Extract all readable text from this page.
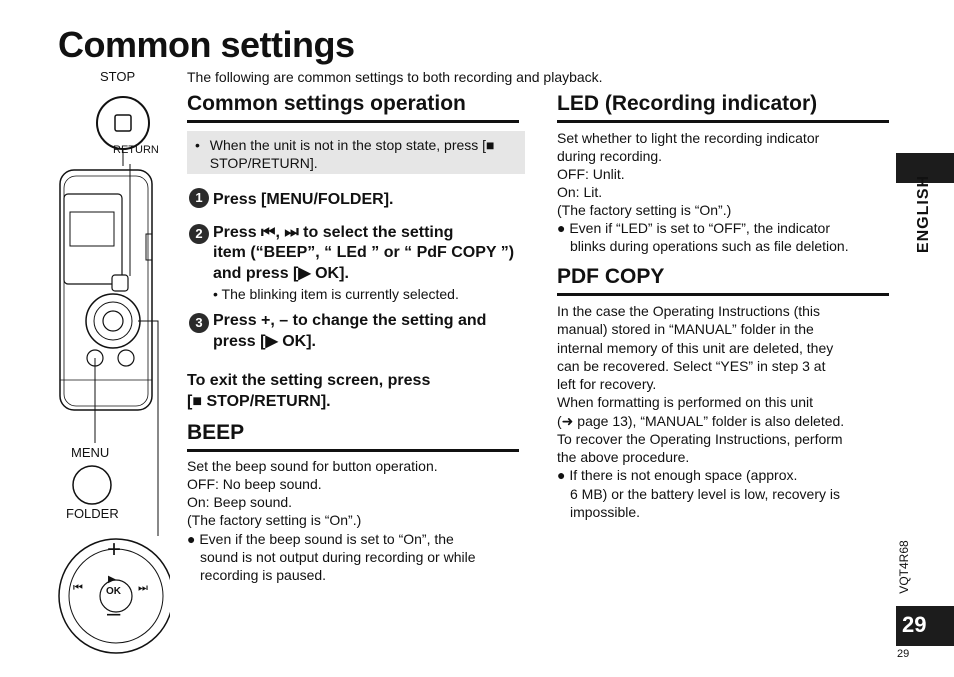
Common settings
STOP
RETURN
MENU
FOLDER
▶
OK
+
–
⏮	⏭
The following are common settings to both recording and playback.
Common settings operation
• When the unit is not in the stop state, press [■ STOP/RETURN].
1 Press [MENU/FOLDER].
2 Press ⏮, ⏭ to select the setting
item (“BEEP”, “ LEd ” or “ PdF COPY ”)
and press [▶ OK].
• The blinking item is currently selected.
3 Press +, – to change the setting and
press [▶ OK].
To exit the setting screen, press
[■ STOP/RETURN].
BEEP
Set the beep sound for button operation.
OFF: No beep sound.
On: Beep sound.
(The factory setting is “On”.)
● Even if the beep sound is set to “On”, the
sound is not output during recording or while
recording is paused.
LED (Recording indicator)
Set whether to light the recording indicator
during recording.
OFF: Unlit.
On: Lit.
(The factory setting is “On”.)
● Even if “LED” is set to “OFF”, the indicator
blinks during operations such as file deletion.
PDF COPY
In the case the Operating Instructions (this
manual) stored in “MANUAL” folder in the
internal memory of this unit are deleted, they
can be recovered. Select “YES” in step 3 at
left for recovery.
When formatting is performed on this unit
(➜ page 13), “MANUAL” folder is also deleted.
To recover the Operating Instructions, perform
the above procedure.
● If there is not enough space (approx.
6 MB) or the battery level is low, recovery is
impossible.
ENGLISH
VQT4R68
29
29
